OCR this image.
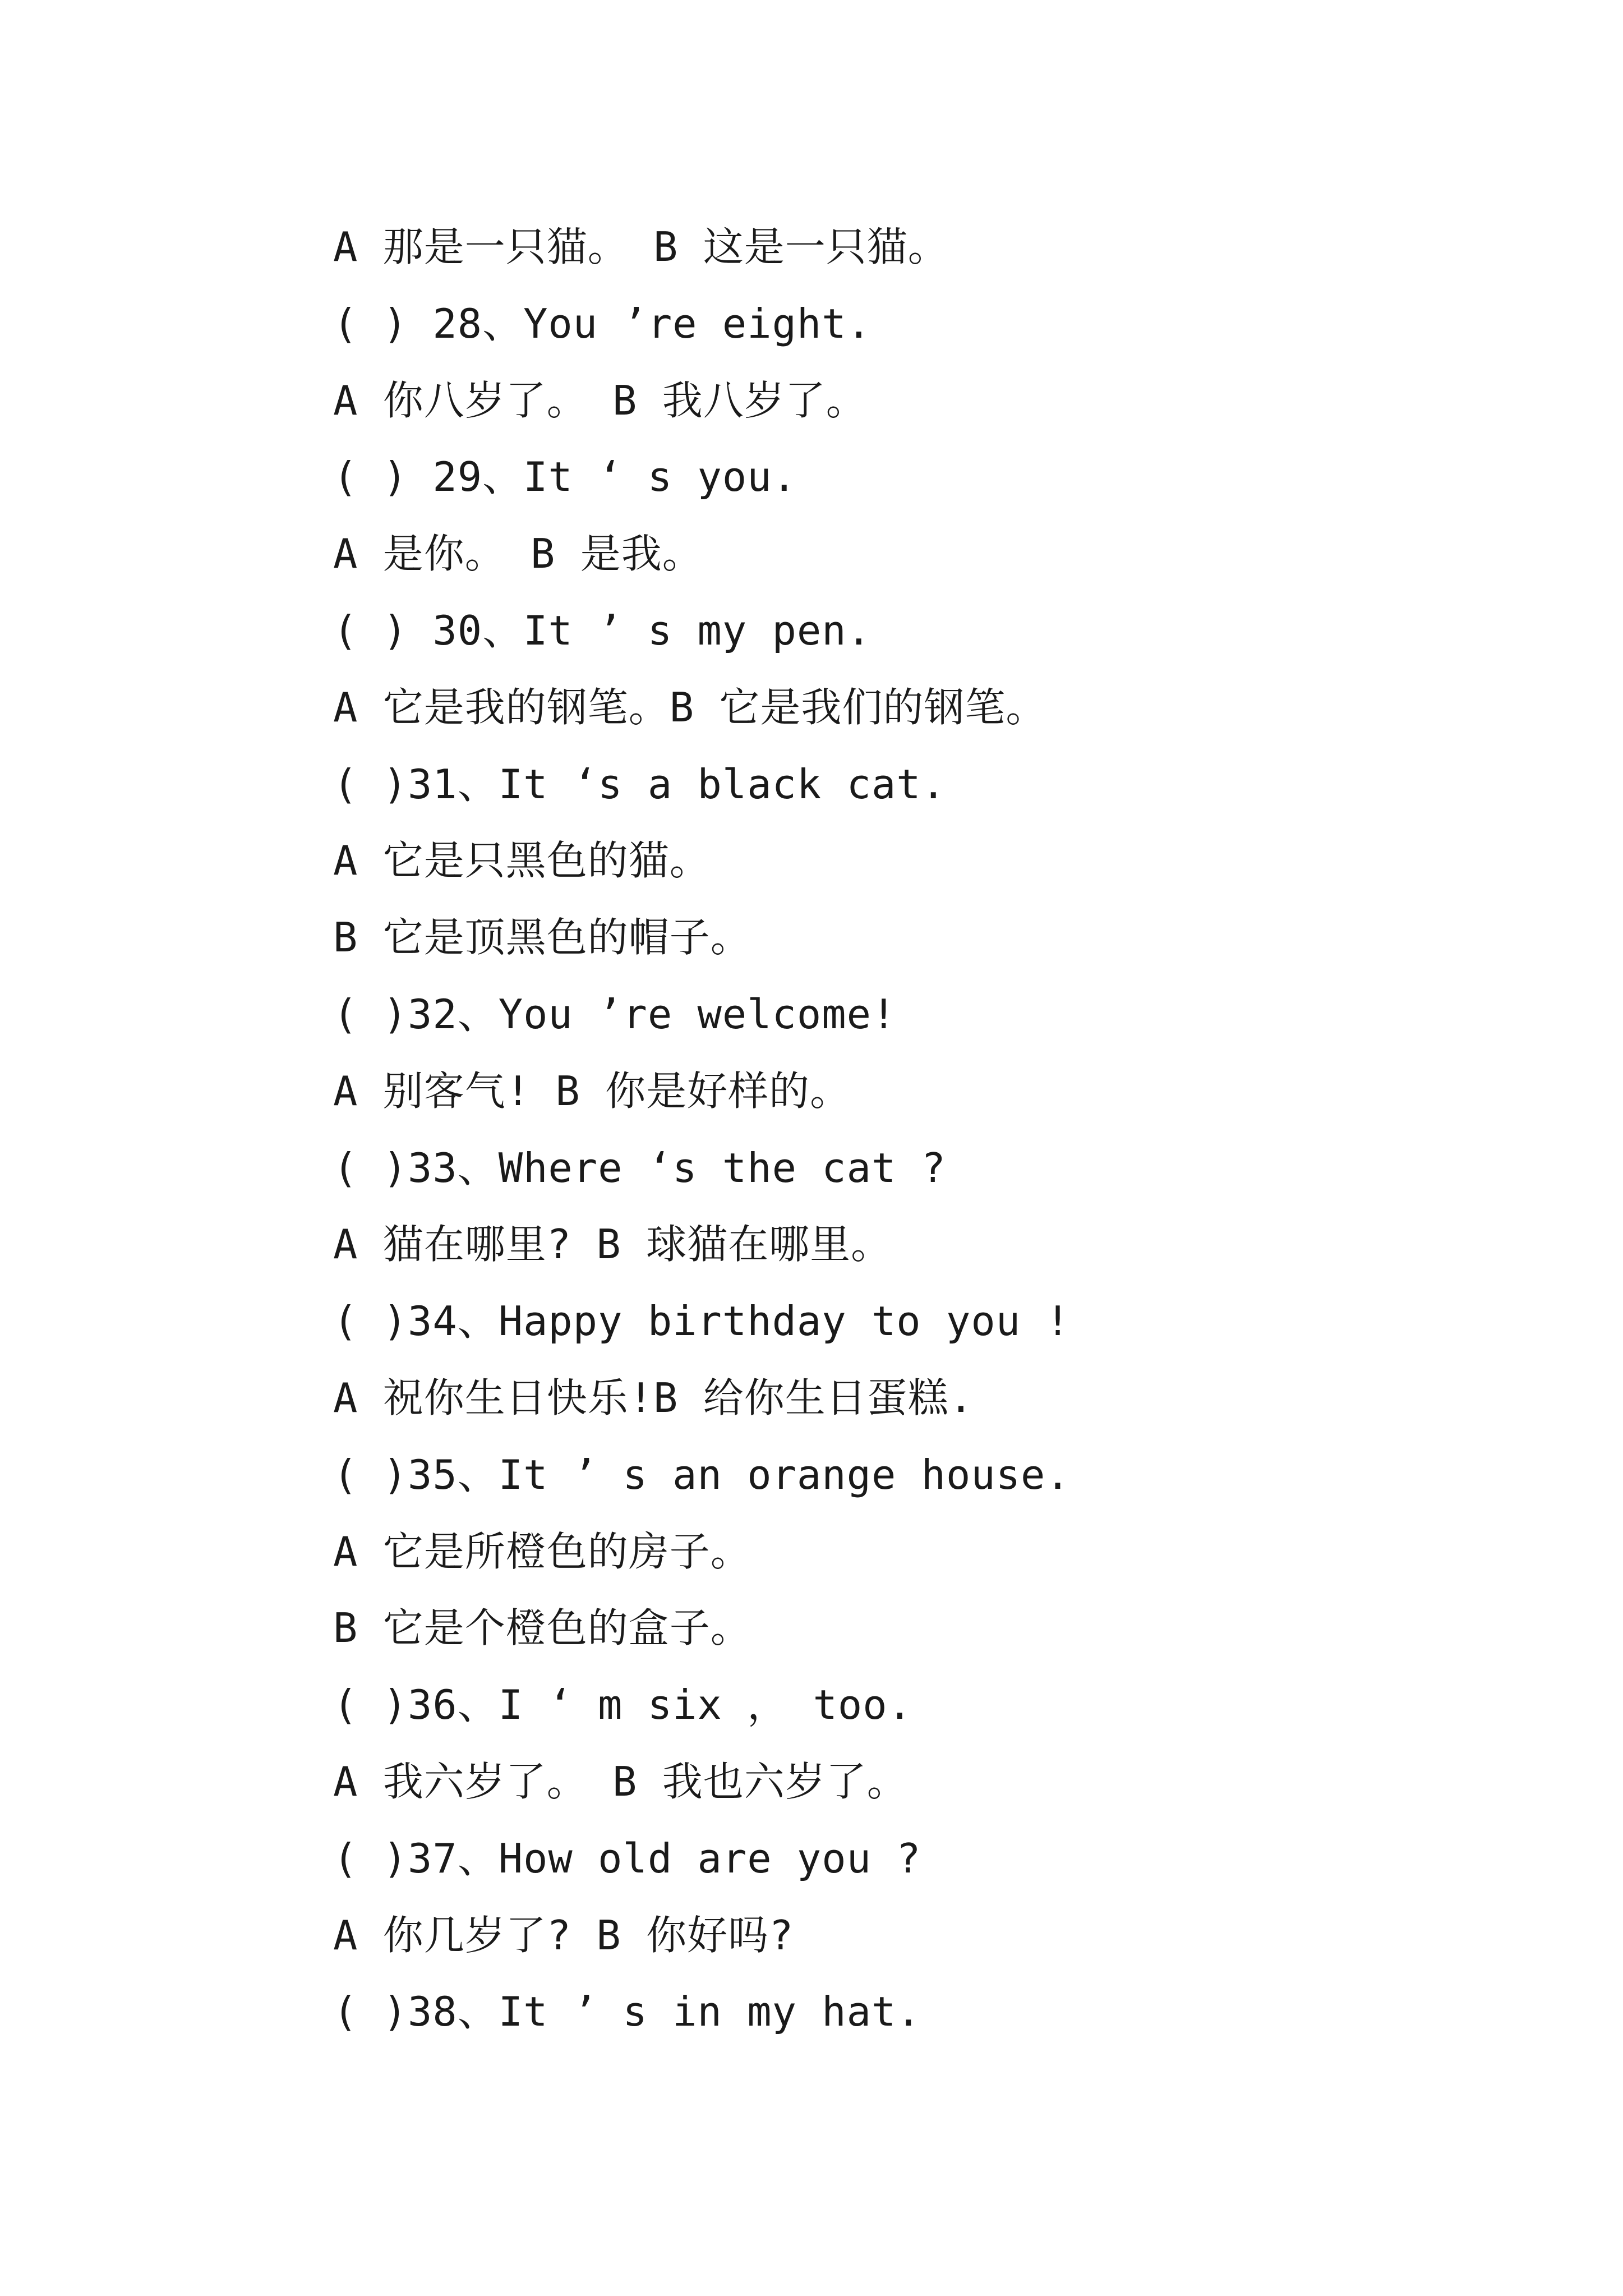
A 那是一只猫。 B 这是一只猫。
( ) 28、You ’re eight.
A 你八岁了。 B 我八岁了。
( ) 29、It ‘ s you.
A 是你。 B 是我。
( ) 30、It ’ s my pen.
A 它是我的钢笔。B 它是我们的钢笔。
( )31、It ‘s a black cat.
A 它是只黑色的猫。
B 它是顶黑色的帽子。
( )32、You ’re welcome!
A 别客气! B 你是好样的。
( )33、Where ‘s the cat ?
A 猫在哪里? B 球猫在哪里。
( )34、Happy birthday to you !
A 祝你生日快乐!B 给你生日蛋糕.
( )35、It ’ s an orange house.
A 它是所橙色的房子。
B 它是个橙色的盒子。
( )36、I ‘ m six ， too.
A 我六岁了。 B 我也六岁了。
( )37、How old are you ?
A 你几岁了? B 你好吗?
( )38、It ’ s in my hat.
